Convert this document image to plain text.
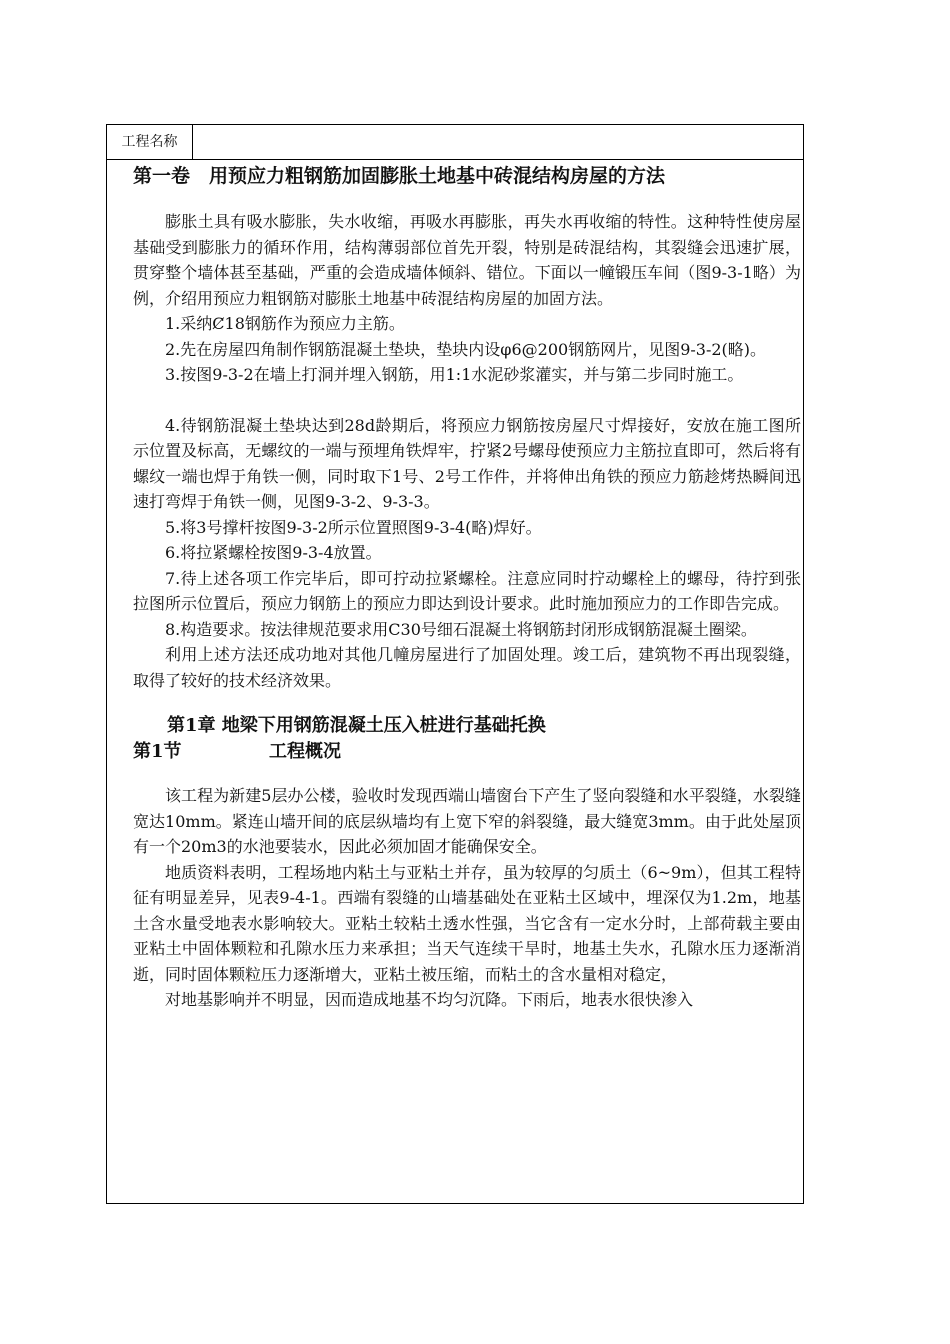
工程名称

第一卷　用预应力粗钢筋加固膨胀土地基中砖混结构房屋的方法

膨胀土具有吸水膨胀，失水收缩，再吸水再膨胀，再失水再收缩的特性。这种特性使房屋基础受到膨胀力的循环作用，结构薄弱部位首先开裂，特别是砖混结构，其裂缝会迅速扩展，贯穿整个墙体甚至基础，严重的会造成墙体倾斜、错位。下面以一幢锻压车间（图9-3-1略）为例，介绍用预应力粗钢筋对膨胀土地基中砖混结构房屋的加固方法。

1.采纳Ȼ18钢筋作为预应力主筋。

2.先在房屋四角制作钢筋混凝土垫块，垫块内设φ6@200钢筋网片，见图9-3-2(略)。

3.按图9-3-2在墙上打洞并埋入钢筋，用1:1水泥砂浆灌实，并与第二步同时施工。

4.待钢筋混凝土垫块达到28d龄期后，将预应力钢筋按房屋尺寸焊接好，安放在施工图所示位置及标高，无螺纹的一端与预埋角铁焊牢，拧紧2号螺母使预应力主筋拉直即可，然后将有螺纹一端也焊于角铁一侧，同时取下1号、2号工作件，并将伸出角铁的预应力筋趁烤热瞬间迅速打弯焊于角铁一侧，见图9-3-2、9-3-3。

5.将3号撑杆按图9-3-2所示位置照图9-3-4(略)焊好。

6.将拉紧螺栓按图9-3-4放置。

7.待上述各项工作完毕后，即可拧动拉紧螺栓。注意应同时拧动螺栓上的螺母，待拧到张拉图所示位置后，预应力钢筋上的预应力即达到设计要求。此时施加预应力的工作即告完成。

8.构造要求。按法律规范要求用C30号细石混凝土将钢筋封闭形成钢筋混凝土圈梁。

利用上述方法还成功地对其他几幢房屋进行了加固处理。竣工后，建筑物不再出现裂缝，取得了较好的技术经济效果。

第1章 地梁下用钢筋混凝土压入桩进行基础托换

第1节	工程概况

该工程为新建5层办公楼，验收时发现西端山墙窗台下产生了竖向裂缝和水平裂缝，水裂缝宽达10mm。紧连山墙开间的底层纵墙均有上宽下窄的斜裂缝，最大缝宽3mm。由于此处屋顶有一个20m3的水池要装水，因此必须加固才能确保安全。

地质资料表明，工程场地内粘土与亚粘土并存，虽为较厚的匀质土（6~9m），但其工程特征有明显差异，见表9-4-1。西端有裂缝的山墙基础处在亚粘土区域中，埋深仅为1.2m，地基土含水量受地表水影响较大。亚粘土较粘土透水性强，当它含有一定水分时，上部荷载主要由亚粘土中固体颗粒和孔隙水压力来承担；当天气连续干旱时，地基土失水，孔隙水压力逐渐消逝，同时固体颗粒压力逐渐增大，亚粘土被压缩，而粘土的含水量相对稳定，

对地基影响并不明显，因而造成地基不均匀沉降。下雨后，地表水很快渗入
